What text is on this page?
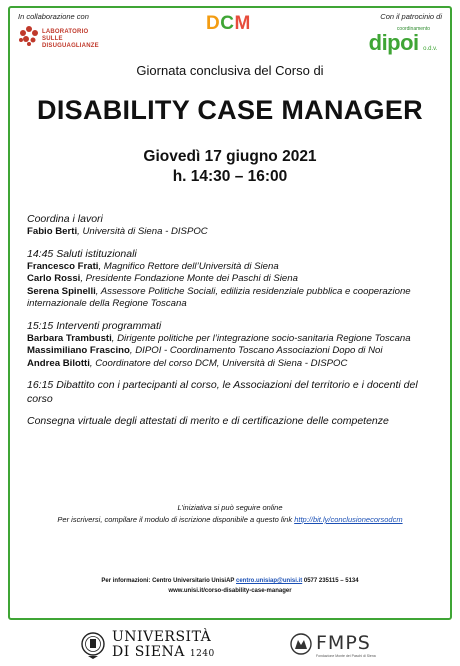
In collaborazione con	Con il patrocinio di
LABORATORIO
SULLE
DISUGUAGLIANZE
DCM	coordinamento
dipoi o.d.v.
Giornata conclusiva del Corso di
DISABILITY CASE MANAGER
Giovedì 17 giugno 2021
h. 14:30 – 16:00
Coordina i lavori
Fabio Berti, Università di Siena - DISPOC
14:45 Saluti istituzionali
Francesco Frati, Magnifico Rettore dell’Università di Siena
Carlo Rossi, Presidente Fondazione Monte dei Paschi di Siena
Serena Spinelli, Assessore Politiche Sociali, edilizia residenziale pubblica e cooperazione internazionale della Regione Toscana
15:15 Interventi programmati
Barbara Trambusti, Dirigente politiche per l’integrazione socio-sanitaria Regione Toscana
Massimiliano Frascino, DIPOI - Coordinamento Toscano Associazioni Dopo di Noi
Andrea Bilotti, Coordinatore del corso DCM, Università di Siena - DISPOC
16:15 Dibattito con i partecipanti al corso, le Associazioni del territorio e i docenti del corso
Consegna virtuale degli attestati di merito e di certificazione delle competenze
L’iniziativa si può seguire online
Per iscriversi, compilare il modulo di iscrizione disponibile a questo link http://bit.ly/conclusionecorsodcm
Per informazioni: Centro Universitario UnisiAP centro.unisiap@unisi.it 0577 235115 – 5134
www.unisi.it/corso-disability-case-manager
UNIVERSITÀ
DI SIENA 1240	FMPS
Fondazione Monte dei Paschi di Siena
